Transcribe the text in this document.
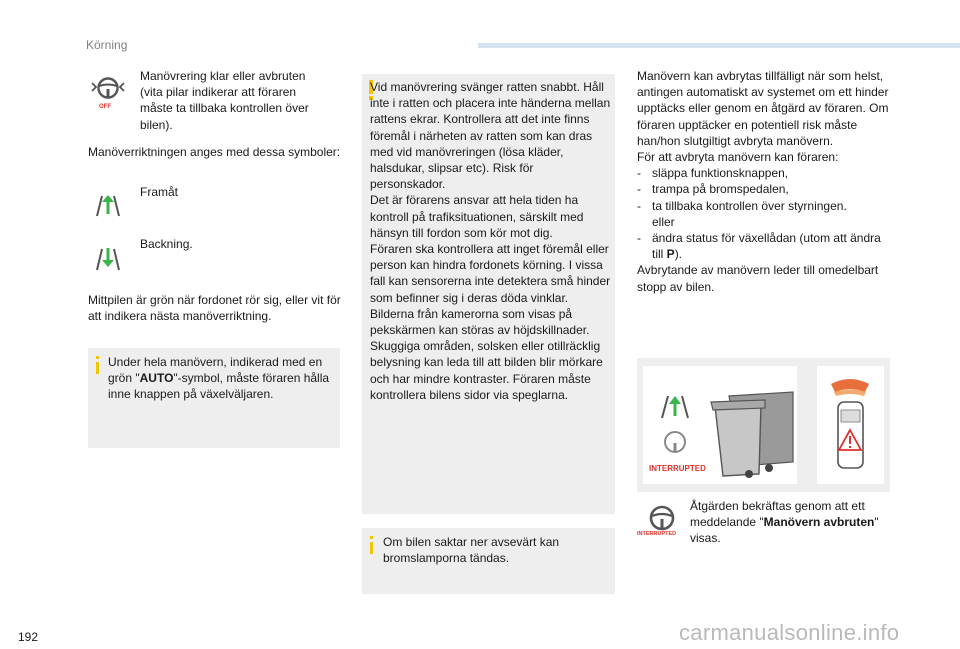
Körning
OFF
Manövrering klar eller avbruten (vita pilar indikerar att föraren måste ta tillbaka kontrollen över bilen).
Manöverriktningen anges med dessa symboler:
Framåt
Backning.
Mittpilen är grön när fordonet rör sig, eller vit för att indikera nästa manöverriktning.
Under hela manövern, indikerad med en grön "AUTO"-symbol, måste föraren hålla inne knappen på växelväljaren.
Vid manövrering svänger ratten snabbt. Håll inte i ratten och placera inte händerna mellan rattens ekrar. Kontrollera att det inte finns föremål i närheten av ratten som kan dras med vid manövreringen (lösa kläder, halsdukar, slipsar etc). Risk för personskador.
Det är förarens ansvar att hela tiden ha kontroll på trafiksituationen, särskilt med hänsyn till fordon som kör mot dig.
Föraren ska kontrollera att inget föremål eller person kan hindra fordonets körning. I vissa fall kan sensorerna inte detektera små hinder som befinner sig i deras döda vinklar.
Bilderna från kamerorna som visas på pekskärmen kan störas av höjdskillnader. Skuggiga områden, solsken eller otillräcklig belysning kan leda till att bilden blir mörkare och har mindre kontraster. Föraren måste kontrollera bilens sidor via speglarna.
Om bilen saktar ner avsevärt kan bromslamporna tändas.
Manövern kan avbrytas tillfälligt när som helst, antingen automatiskt av systemet om ett hinder upptäcks eller genom en åtgärd av föraren. Om föraren upptäcker en potentiell risk måste han/hon slutgiltigt avbryta manövern.
För att avbryta manövern kan föraren:
- släppa funktionsknappen,
- trampa på bromspedalen,
- ta tillbaka kontrollen över styrningen.
eller
- ändra status för växellådan (utom att ändra till P).
Avbrytande av manövern leder till omedelbart stopp av bilen.
INTERRUPTED
INTERRUPTED
Åtgärden bekräftas genom att ett meddelande "Manövern avbruten" visas.
192	carmanualsonline.info
